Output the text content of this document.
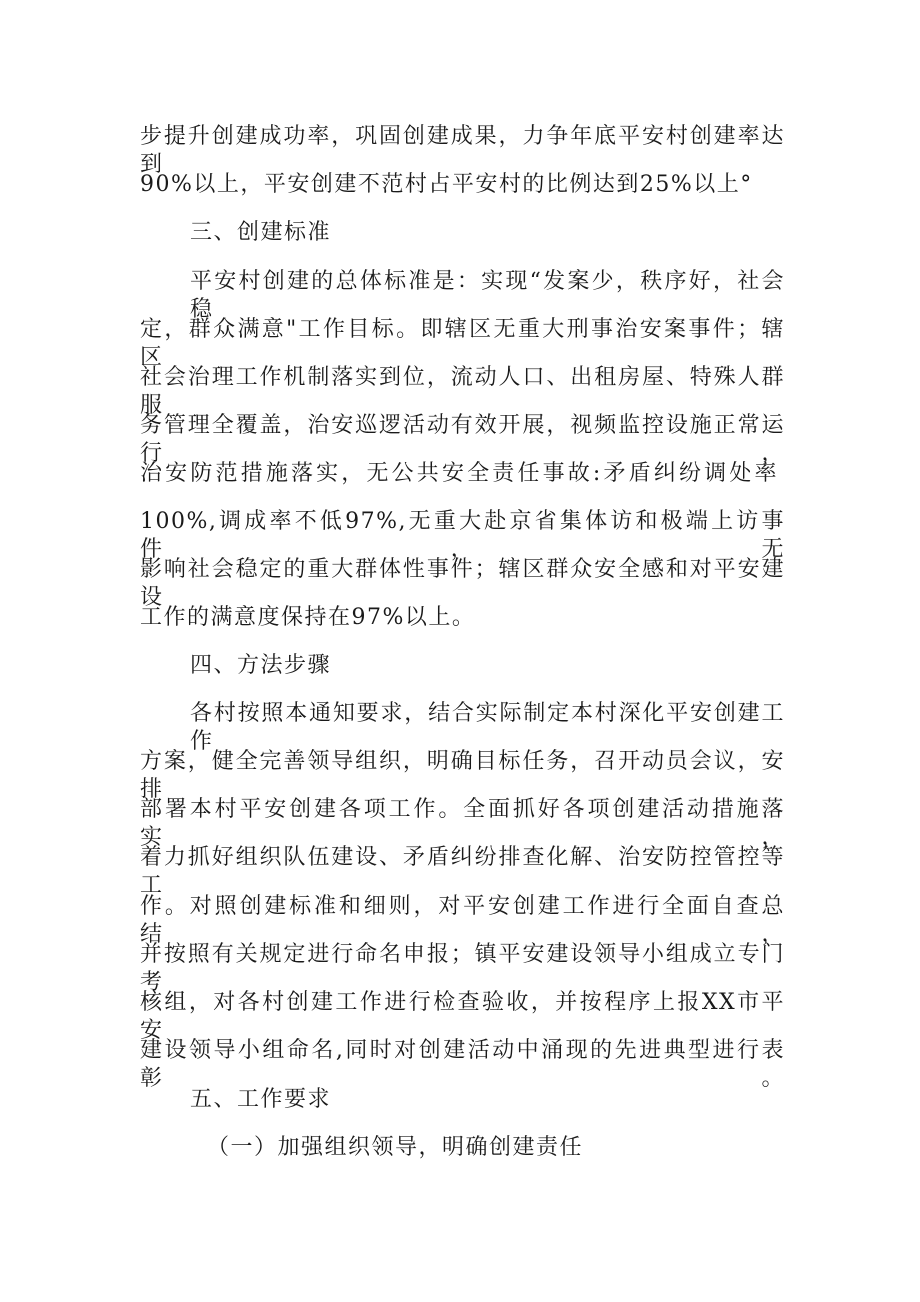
步提升创建成功率，巩固创建成果，力争年底平安村创建率达到
90%以上，平安创建不范村占平安村的比例达到25%以上°
三、创建标准
平安村创建的总体标准是：实现“发案少，秩序好，社会稳
定，群众满意"工作目标。即辖区无重大刑事治安案事件；辖区
社会治理工作机制落实到位，流动人口、出租房屋、特殊人群服
务管理全覆盖，治安巡逻活动有效开展，视频监控设施正常运行，
治安防范措施落实，无公共安全责任事故:矛盾纠纷调处率
100%,调成率不低97%,无重大赴京省集体访和极端上访事件，无
影响社会稳定的重大群体性事件；辖区群众安全感和对平安建设
工作的满意度保持在97%以上。
四、方法步骤
各村按照本通知要求，结合实际制定本村深化平安创建工作
方案，健全完善领导组织，明确目标任务，召开动员会议，安排
部署本村平安创建各项工作。全面抓好各项创建活动措施落实，
着力抓好组织队伍建设、矛盾纠纷排查化解、治安防控管控等工
作。对照创建标准和细则，对平安创建工作进行全面自查总结，
并按照有关规定进行命名申报；镇平安建设领导小组成立专门考
核组，对各村创建工作进行检查验收，并按程序上报XX市平安
建设领导小组命名,同时对创建活动中涌现的先进典型进行表彰。
五、工作要求
（一）加强组织领导，明确创建责任
